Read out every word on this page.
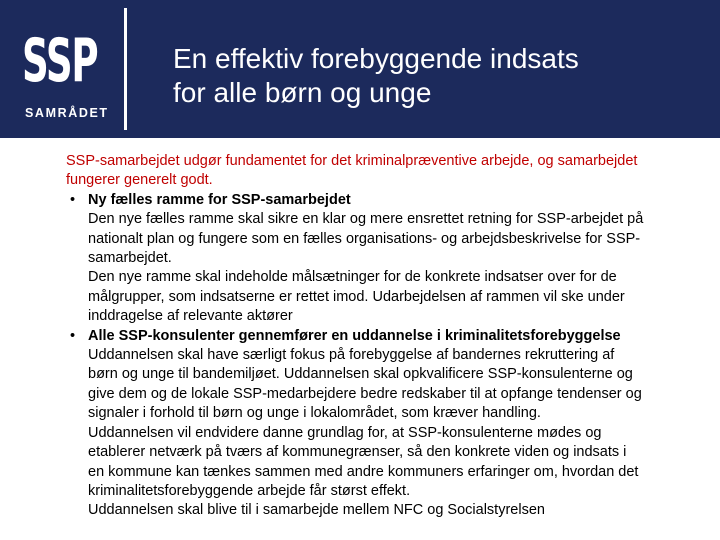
SSP
SAMRÅDET
En effektiv forebyggende indsats
for alle børn og unge
SSP-samarbejdet udgør fundamentet for det kriminalpræventive arbejde, og samarbejdet
fungerer generelt godt.
• Ny fælles ramme for SSP-samarbejdet
Den nye fælles ramme skal sikre en klar og mere ensrettet retning for SSP-arbejdet på
nationalt plan og fungere som en fælles organisations- og arbejdsbeskrivelse for SSP-
samarbejdet.
Den nye ramme skal indeholde målsætninger for de konkrete indsatser over for de
målgrupper, som indsatserne er rettet imod. Udarbejdelsen af rammen vil ske under
inddragelse af relevante aktører
• Alle SSP-konsulenter gennemfører en uddannelse i kriminalitetsforebyggelse
Uddannelsen skal have særligt fokus på forebyggelse af bandernes rekruttering af
børn og unge til bandemiljøet. Uddannelsen skal opkvalificere SSP-konsulenterne og
give dem og de lokale SSP-medarbejdere bedre redskaber til at opfange tendenser og
signaler i forhold til børn og unge i lokalområdet, som kræver handling.
Uddannelsen vil endvidere danne grundlag for, at SSP-konsulenterne mødes og
etablerer netværk på tværs af kommunegrænser, så den konkrete viden og indsats i
en kommune kan tænkes sammen med andre kommuners erfaringer om, hvordan det
kriminalitetsforebyggende arbejde får størst effekt.
Uddannelsen skal blive til i samarbejde mellem NFC og Socialstyrelsen
